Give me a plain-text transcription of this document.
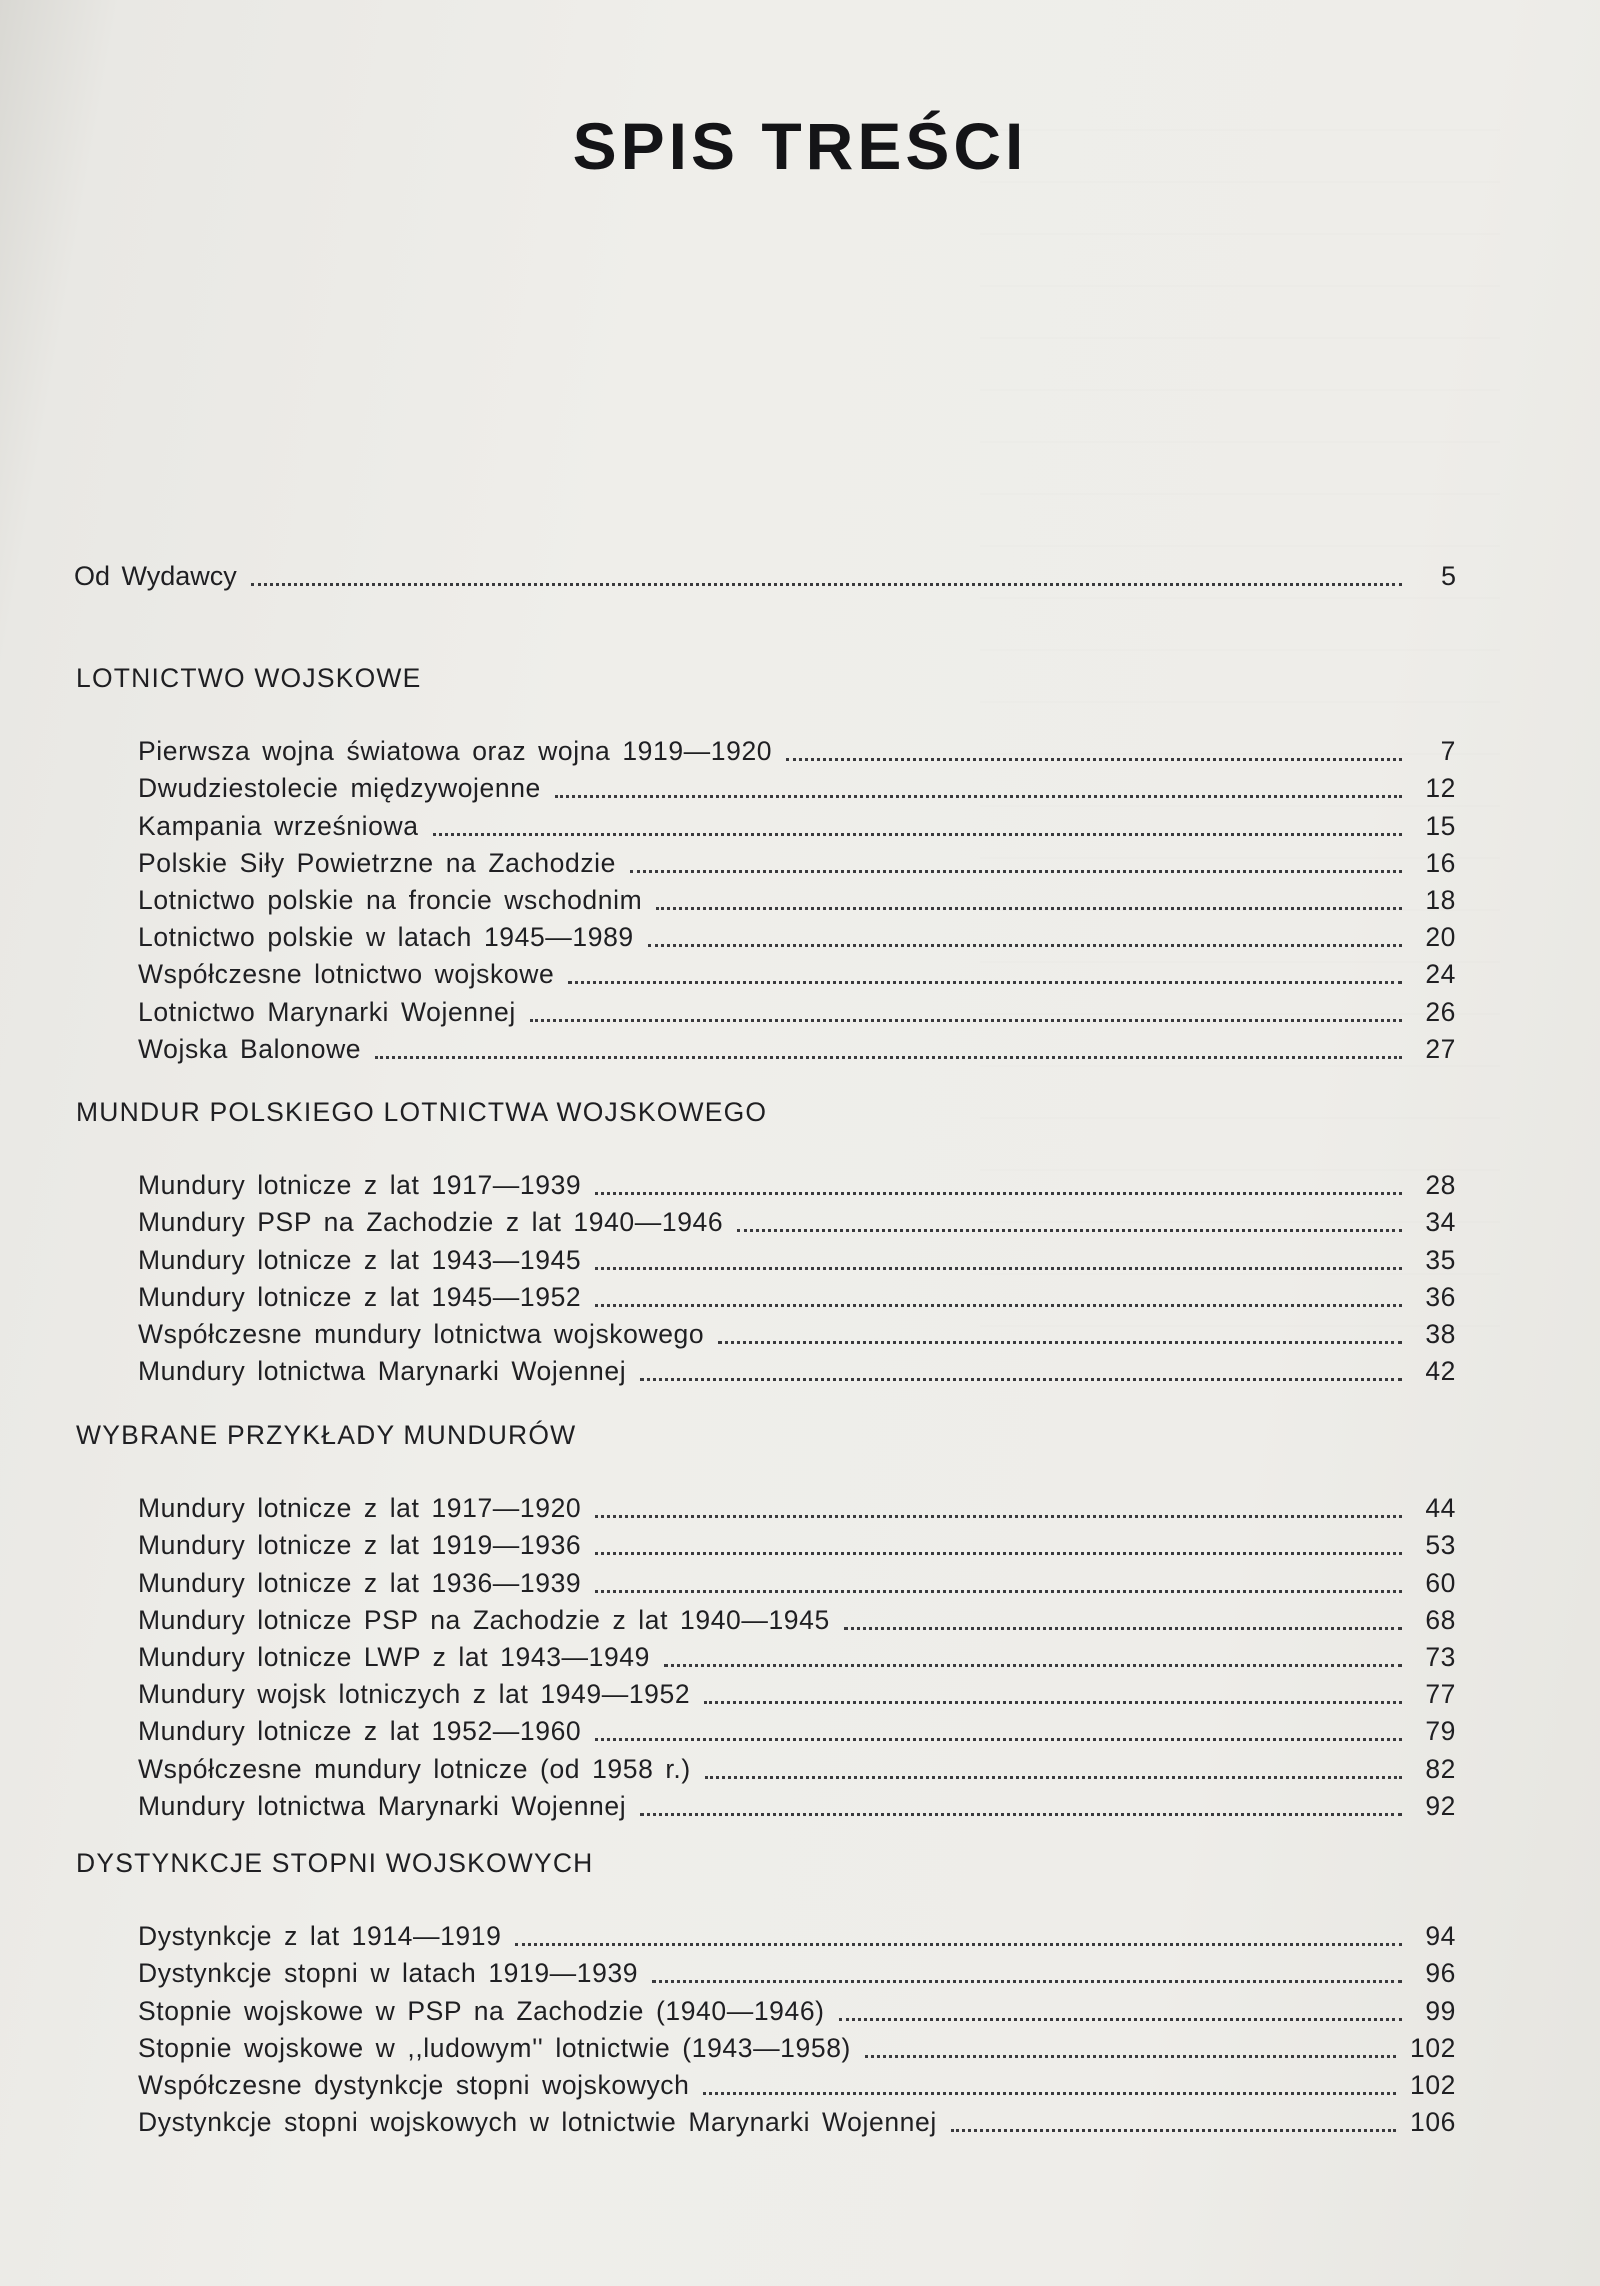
SPIS TREŚCI
Od Wydawcy	5
LOTNICTWO WOJSKOWE
Pierwsza wojna światowa oraz wojna 1919—1920	7
Dwudziestolecie międzywojenne	12
Kampania wrześniowa	15
Polskie Siły Powietrzne na Zachodzie	16
Lotnictwo polskie na froncie wschodnim	18
Lotnictwo polskie w latach 1945—1989	20
Współczesne lotnictwo wojskowe	24
Lotnictwo Marynarki Wojennej	26
Wojska Balonowe	27
MUNDUR POLSKIEGO LOTNICTWA WOJSKOWEGO
Mundury lotnicze z lat 1917—1939	28
Mundury PSP na Zachodzie z lat 1940—1946	34
Mundury lotnicze z lat 1943—1945	35
Mundury lotnicze z lat 1945—1952	36
Współczesne mundury lotnictwa wojskowego	38
Mundury lotnictwa Marynarki Wojennej	42
WYBRANE PRZYKŁADY MUNDURÓW
Mundury lotnicze z lat 1917—1920	44
Mundury lotnicze z lat 1919—1936	53
Mundury lotnicze z lat 1936—1939	60
Mundury lotnicze PSP na Zachodzie z lat 1940—1945	68
Mundury lotnicze LWP z lat 1943—1949	73
Mundury wojsk lotniczych z lat 1949—1952	77
Mundury lotnicze z lat 1952—1960	79
Współczesne mundury lotnicze (od 1958 r.)	82
Mundury lotnictwa Marynarki Wojennej	92
DYSTYNKCJE STOPNI WOJSKOWYCH
Dystynkcje z lat 1914—1919	94
Dystynkcje stopni w latach 1919—1939	96
Stopnie wojskowe w PSP na Zachodzie (1940—1946)	99
Stopnie wojskowe w ,,ludowym'' lotnictwie (1943—1958)	102
Współczesne dystynkcje stopni wojskowych	102
Dystynkcje stopni wojskowych w lotnictwie Marynarki Wojennej	106
